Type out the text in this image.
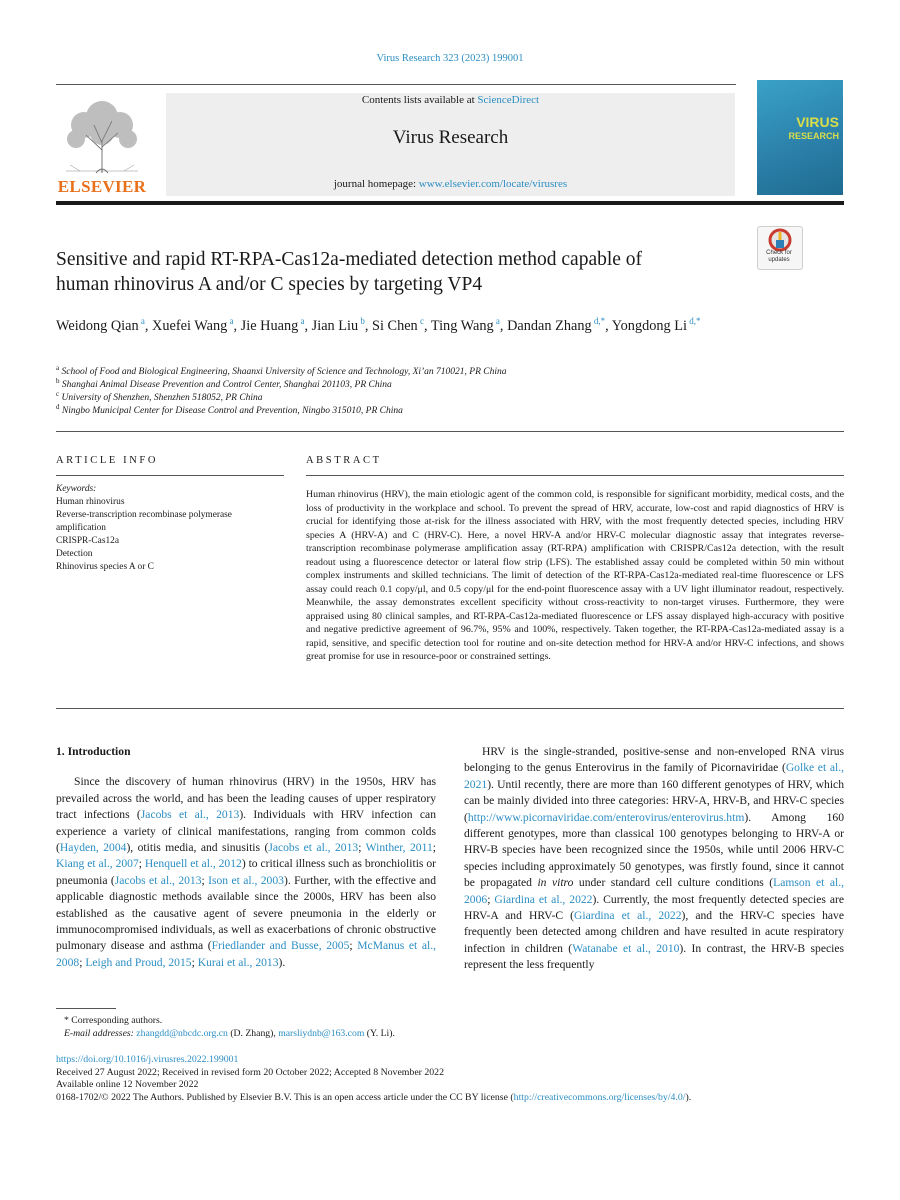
Virus Research 323 (2023) 199001
ELSEVIER
Contents lists available at ScienceDirect
Virus Research
journal homepage: www.elsevier.com/locate/virusres
VIRUS
RESEARCH
Sensitive and rapid RT-RPA-Cas12a-mediated detection method capable of
human rhinovirus A and/or C species by targeting VP4
Check for updates
Weidong Qian $^a$, Xuefei Wang $^a$, Jie Huang $^a$, Jian Liu $^b$, Si Chen $^c$, Ting Wang $^a$, Dandan Zhang $^{d,*}$, Yongdong Li $^{d,*}$
$^a$ School of Food and Biological Engineering, Shaanxi University of Science and Technology, Xi’an 710021, PR China
$^b$ Shanghai Animal Disease Prevention and Control Center, Shanghai 201103, PR China
$^c$ University of Shenzhen, Shenzhen 518052, PR China
$^d$ Ningbo Municipal Center for Disease Control and Prevention, Ningbo 315010, PR China
ARTICLE INFO	ABSTRACT
Keywords:
Human rhinovirus
Reverse-transcription recombinase polymerase amplification
CRISPR-Cas12a
Detection
Rhinovirus species A or C
Human rhinovirus (HRV), the main etiologic agent of the common cold, is responsible for significant morbidity, medical costs, and the loss of productivity in the workplace and school. To prevent the spread of HRV, accurate, low-cost and rapid diagnostics of HRV is crucial for identifying those at-risk for the illness associated with HRV, with the most frequently detected species, including HRV species A (HRV-A) and C (HRV-C). Here, a novel HRV-A and/or HRV-C molecular diagnostic assay that integrates reverse-transcription recombinase polymerase amplification assay (RT-RPA) amplification with CRISPR/Cas12a detection, with the result readout using a fluorescence detector or lateral flow strip (LFS). The established assay could be completed within 50 min without complex instruments and skilled technicians. The limit of detection of the RT-RPA-Cas12a-mediated real-time fluorescence or LFS assay could reach 0.1 copy/μl, and 0.5 copy/μl for the end-point fluorescence assay with a UV light illuminator readout, respectively. Meanwhile, the assay demonstrates excellent specificity without cross-reactivity to non-target viruses. Furthermore, they were appraised using 80 clinical samples, and RT-RPA-Cas12a-mediated fluorescence or LFS assay displayed high-accuracy with positive and negative predictive agreement of 96.7%, 95% and 100%, respectively. Taken together, the RT-RPA-Cas12a-mediated assay is a rapid, sensitive, and specific detection tool for routine and on-site detection method for HRV-A and/or HRV-C infections, and shows great promise for use in resource-poor or constrained settings.
1. Introduction

Since the discovery of human rhinovirus (HRV) in the 1950s, HRV has prevailed across the world, and has been the leading causes of upper respiratory tract infections (Jacobs et al., 2013). Individuals with HRV infection can experience a variety of clinical manifestations, ranging from common colds (Hayden, 2004), otitis media, and sinusitis (Jacobs et al., 2013; Winther, 2011; Kiang et al., 2007; Henquell et al., 2012) to critical illness such as bronchiolitis or pneumonia (Jacobs et al., 2013; Ison et al., 2003). Further, with the effective and applicable diagnostic methods available since the 2000s, HRV has been also established as the causative agent of severe pneumonia in the elderly or immunocompromised individuals, as well as exacerbations of chronic obstructive pulmonary disease and asthma (Friedlander and Busse, 2005; McManus et al., 2008; Leigh and Proud, 2015; Kurai et al., 2013).

HRV is the single-stranded, positive-sense and non-enveloped RNA virus belonging to the genus Enterovirus in the family of Picornaviridae (Golke et al., 2021). Until recently, there are more than 160 different genotypes of HRV, which can be mainly divided into three categories: HRV-A, HRV-B, and HRV-C species (http://www.picornaviridae.com/enterovirus/enterovirus.htm). Among 160 different genotypes, more than classical 100 genotypes belonging to HRV-A or HRV-B species have been recognized since the 1950s, while until 2006 HRV-C species including approximately 50 genotypes, was firstly found, since it cannot be propagated in vitro under standard cell culture conditions (Lamson et al., 2006; Giardina et al., 2022). Currently, the most frequently detected species are HRV-A and HRV-C (Giardina et al., 2022), and the HRV-C species have frequently been detected among children and have resulted in acute respiratory infection in children (Watanabe et al., 2010). In contrast, the HRV-B species represent the less frequently

* Corresponding authors.
E-mail addresses: zhangdd@nbcdc.org.cn (D. Zhang), marsliydnb@163.com (Y. Li).
https://doi.org/10.1016/j.virusres.2022.199001
Received 27 August 2022; Received in revised form 20 October 2022; Accepted 8 November 2022
Available online 12 November 2022
0168-1702/© 2022 The Authors. Published by Elsevier B.V. This is an open access article under the CC BY license (http://creativecommons.org/licenses/by/4.0/).
